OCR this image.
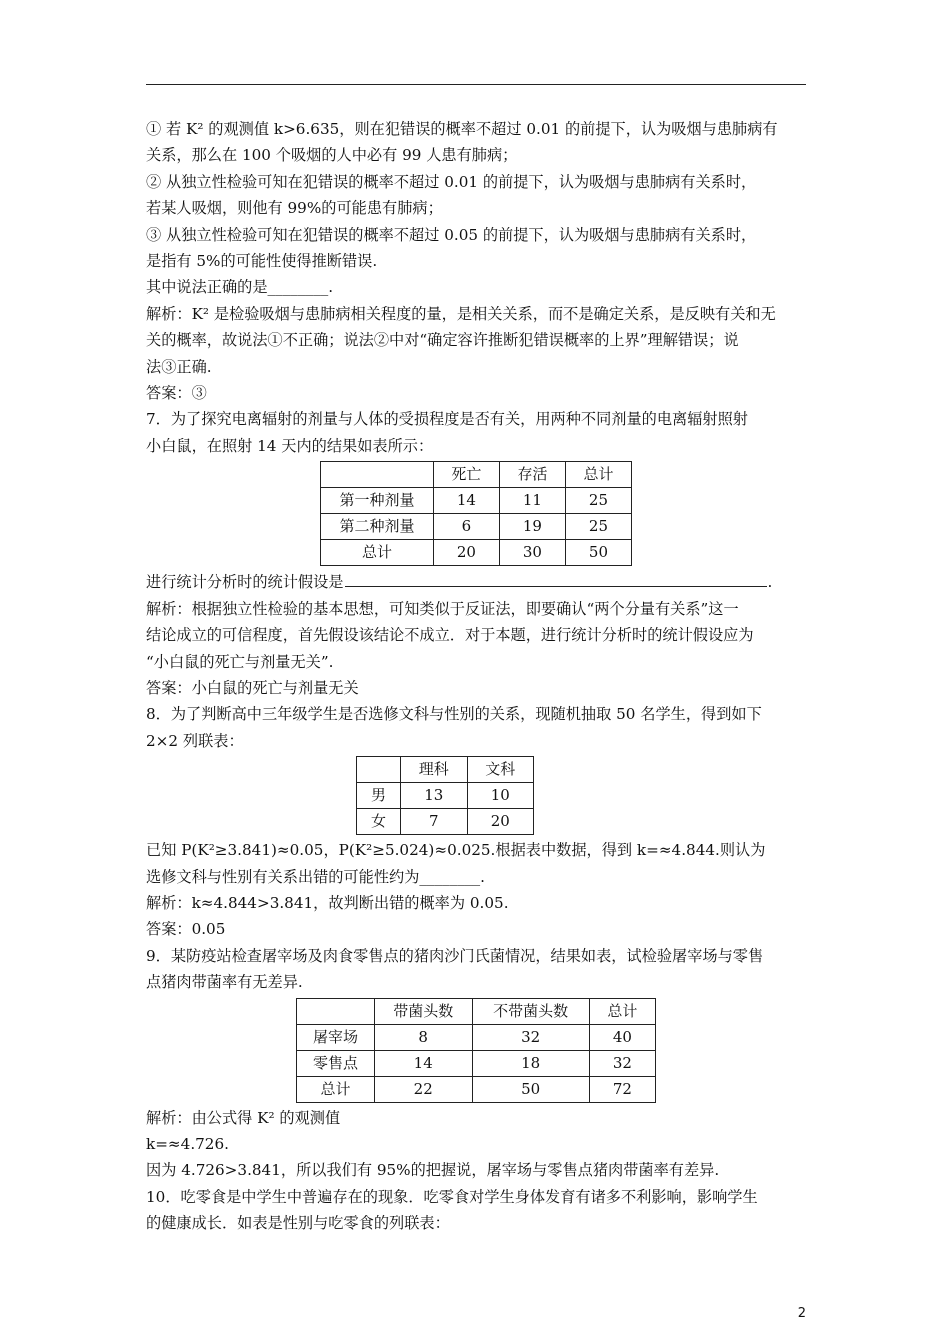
① 若 K² 的观测值 k>6.635，则在犯错误的概率不超过 0.01 的前提下，认为吸烟与患肺病有

关系，那么在 100 个吸烟的人中必有 99 人患有肺病；

② 从独立性检验可知在犯错误的概率不超过 0.01 的前提下，认为吸烟与患肺病有关系时，

若某人吸烟，则他有 99%的可能患有肺病；

③ 从独立性检验可知在犯错误的概率不超过 0.05 的前提下，认为吸烟与患肺病有关系时，

是指有 5%的可能性使得推断错误.

其中说法正确的是________.

解析：K² 是检验吸烟与患肺病相关程度的量，是相关关系，而不是确定关系，是反映有关和无

关的概率，故说法①不正确；说法②中对“确定容许推断犯错误概率的上界”理解错误；说

法③正确.

答案：③

7．为了探究电离辐射的剂量与人体的受损程度是否有关，用两种不同剂量的电离辐射照射

小白鼠，在照射 14 天内的结果如表所示：

	死亡	存活	总计
第一种剂量	14	11	25
第二种剂量	6	19	25
总计	20	30	50

进行统计分析时的统计假设是	.

解析：根据独立性检验的基本思想，可知类似于反证法，即要确认“两个分量有关系”这一

结论成立的可信程度，首先假设该结论不成立．对于本题，进行统计分析时的统计假设应为

“小白鼠的死亡与剂量无关”.

答案：小白鼠的死亡与剂量无关

8．为了判断高中三年级学生是否选修文科与性别的关系，现随机抽取 50 名学生，得到如下

2×2 列联表：

	理科	文科
男	13	10
女	7	20

已知 P(K²≥3.841)≈0.05，P(K²≥5.024)≈0.025.根据表中数据，得到 k=≈4.844.则认为

选修文科与性别有关系出错的可能性约为________.

解析：k≈4.844>3.841，故判断出错的概率为 0.05.

答案：0.05

9．某防疫站检查屠宰场及肉食零售点的猪肉沙门氏菌情况，结果如表，试检验屠宰场与零售

点猪肉带菌率有无差异.

	带菌头数	不带菌头数	总计
屠宰场	8	32	40
零售点	14	18	32
总计	22	50	72

解析：由公式得 K² 的观测值

k=≈4.726.

因为 4.726>3.841，所以我们有 95%的把握说，屠宰场与零售点猪肉带菌率有差异.

10．吃零食是中学生中普遍存在的现象．吃零食对学生身体发育有诸多不利影响，影响学生

的健康成长．如表是性别与吃零食的列联表：

2
